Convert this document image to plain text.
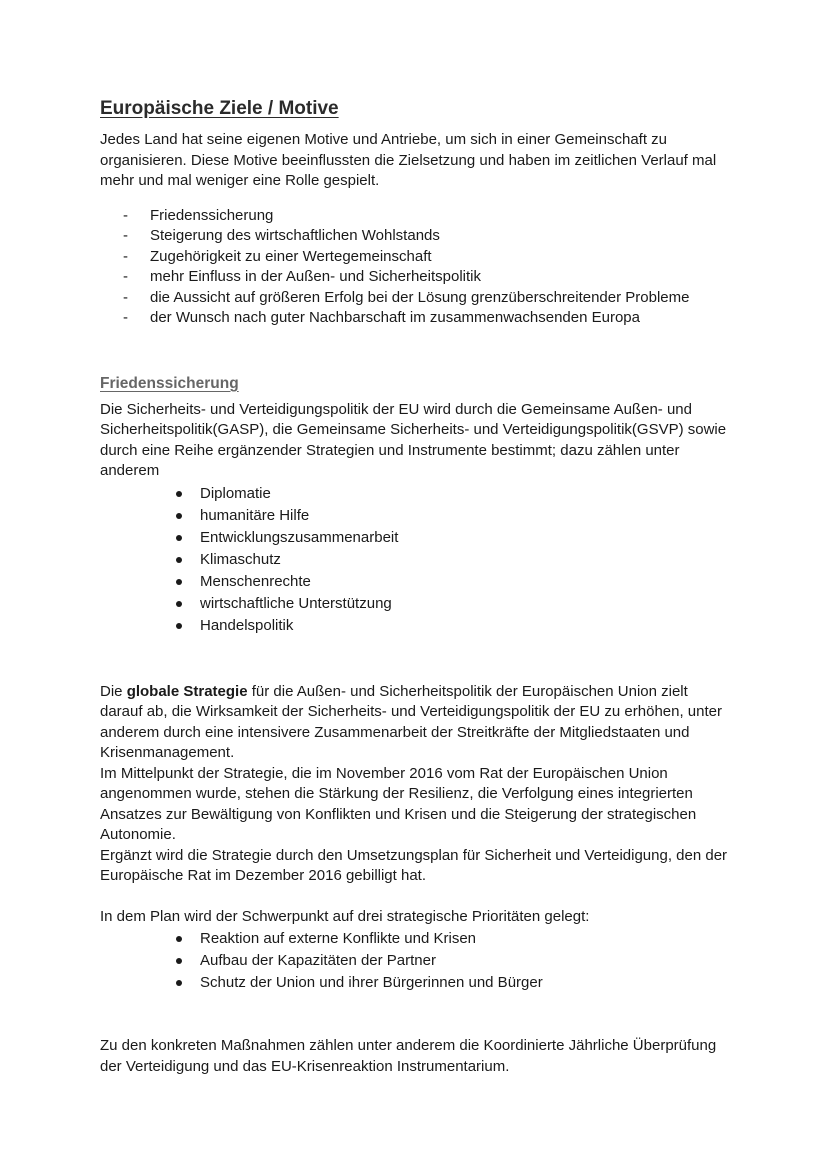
Europäische Ziele / Motive

Jedes Land hat seine eigenen Motive und Antriebe, um sich in einer Gemeinschaft zu organisieren. Diese Motive beeinflussten die Zielsetzung und haben im zeitlichen Verlauf mal mehr und mal weniger eine Rolle gespielt.

- Friedenssicherung
- Steigerung des wirtschaftlichen Wohlstands
- Zugehörigkeit zu einer Wertegemeinschaft
- mehr Einfluss in der Außen- und Sicherheitspolitik
- die Aussicht auf größeren Erfolg bei der Lösung grenzüberschreitender Probleme
- der Wunsch nach guter Nachbarschaft im zusammenwachsenden Europa
Friedenssicherung

Die Sicherheits- und Verteidigungspolitik der EU wird durch die Gemeinsame Außen- und Sicherheitspolitik(GASP), die Gemeinsame Sicherheits- und Verteidigungspolitik(GSVP) sowie durch eine Reihe ergänzender Strategien und Instrumente bestimmt; dazu zählen unter anderem

Diplomatie
humanitäre Hilfe
Entwicklungszusammenarbeit
Klimaschutz
Menschenrechte
wirtschaftliche Unterstützung
Handelspolitik

Die globale Strategie für die Außen- und Sicherheitspolitik der Europäischen Union zielt darauf ab, die Wirksamkeit der Sicherheits- und Verteidigungspolitik der EU zu erhöhen, unter anderem durch eine intensivere Zusammenarbeit der Streitkräfte der Mitgliedstaaten und Krisenmanagement.

Im Mittelpunkt der Strategie, die im November 2016 vom Rat der Europäischen Union angenommen wurde, stehen die Stärkung der Resilienz, die Verfolgung eines integrierten Ansatzes zur Bewältigung von Konflikten und Krisen und die Steigerung der strategischen Autonomie.

Ergänzt wird die Strategie durch den Umsetzungsplan für Sicherheit und Verteidigung, den der Europäische Rat im Dezember 2016 gebilligt hat.

In dem Plan wird der Schwerpunkt auf drei strategische Prioritäten gelegt:

Reaktion auf externe Konflikte und Krisen
Aufbau der Kapazitäten der Partner
Schutz der Union und ihrer Bürgerinnen und Bürger

Zu den konkreten Maßnahmen zählen unter anderem die Koordinierte Jährliche Überprüfung der Verteidigung und das EU-Krisenreaktion Instrumentarium.
